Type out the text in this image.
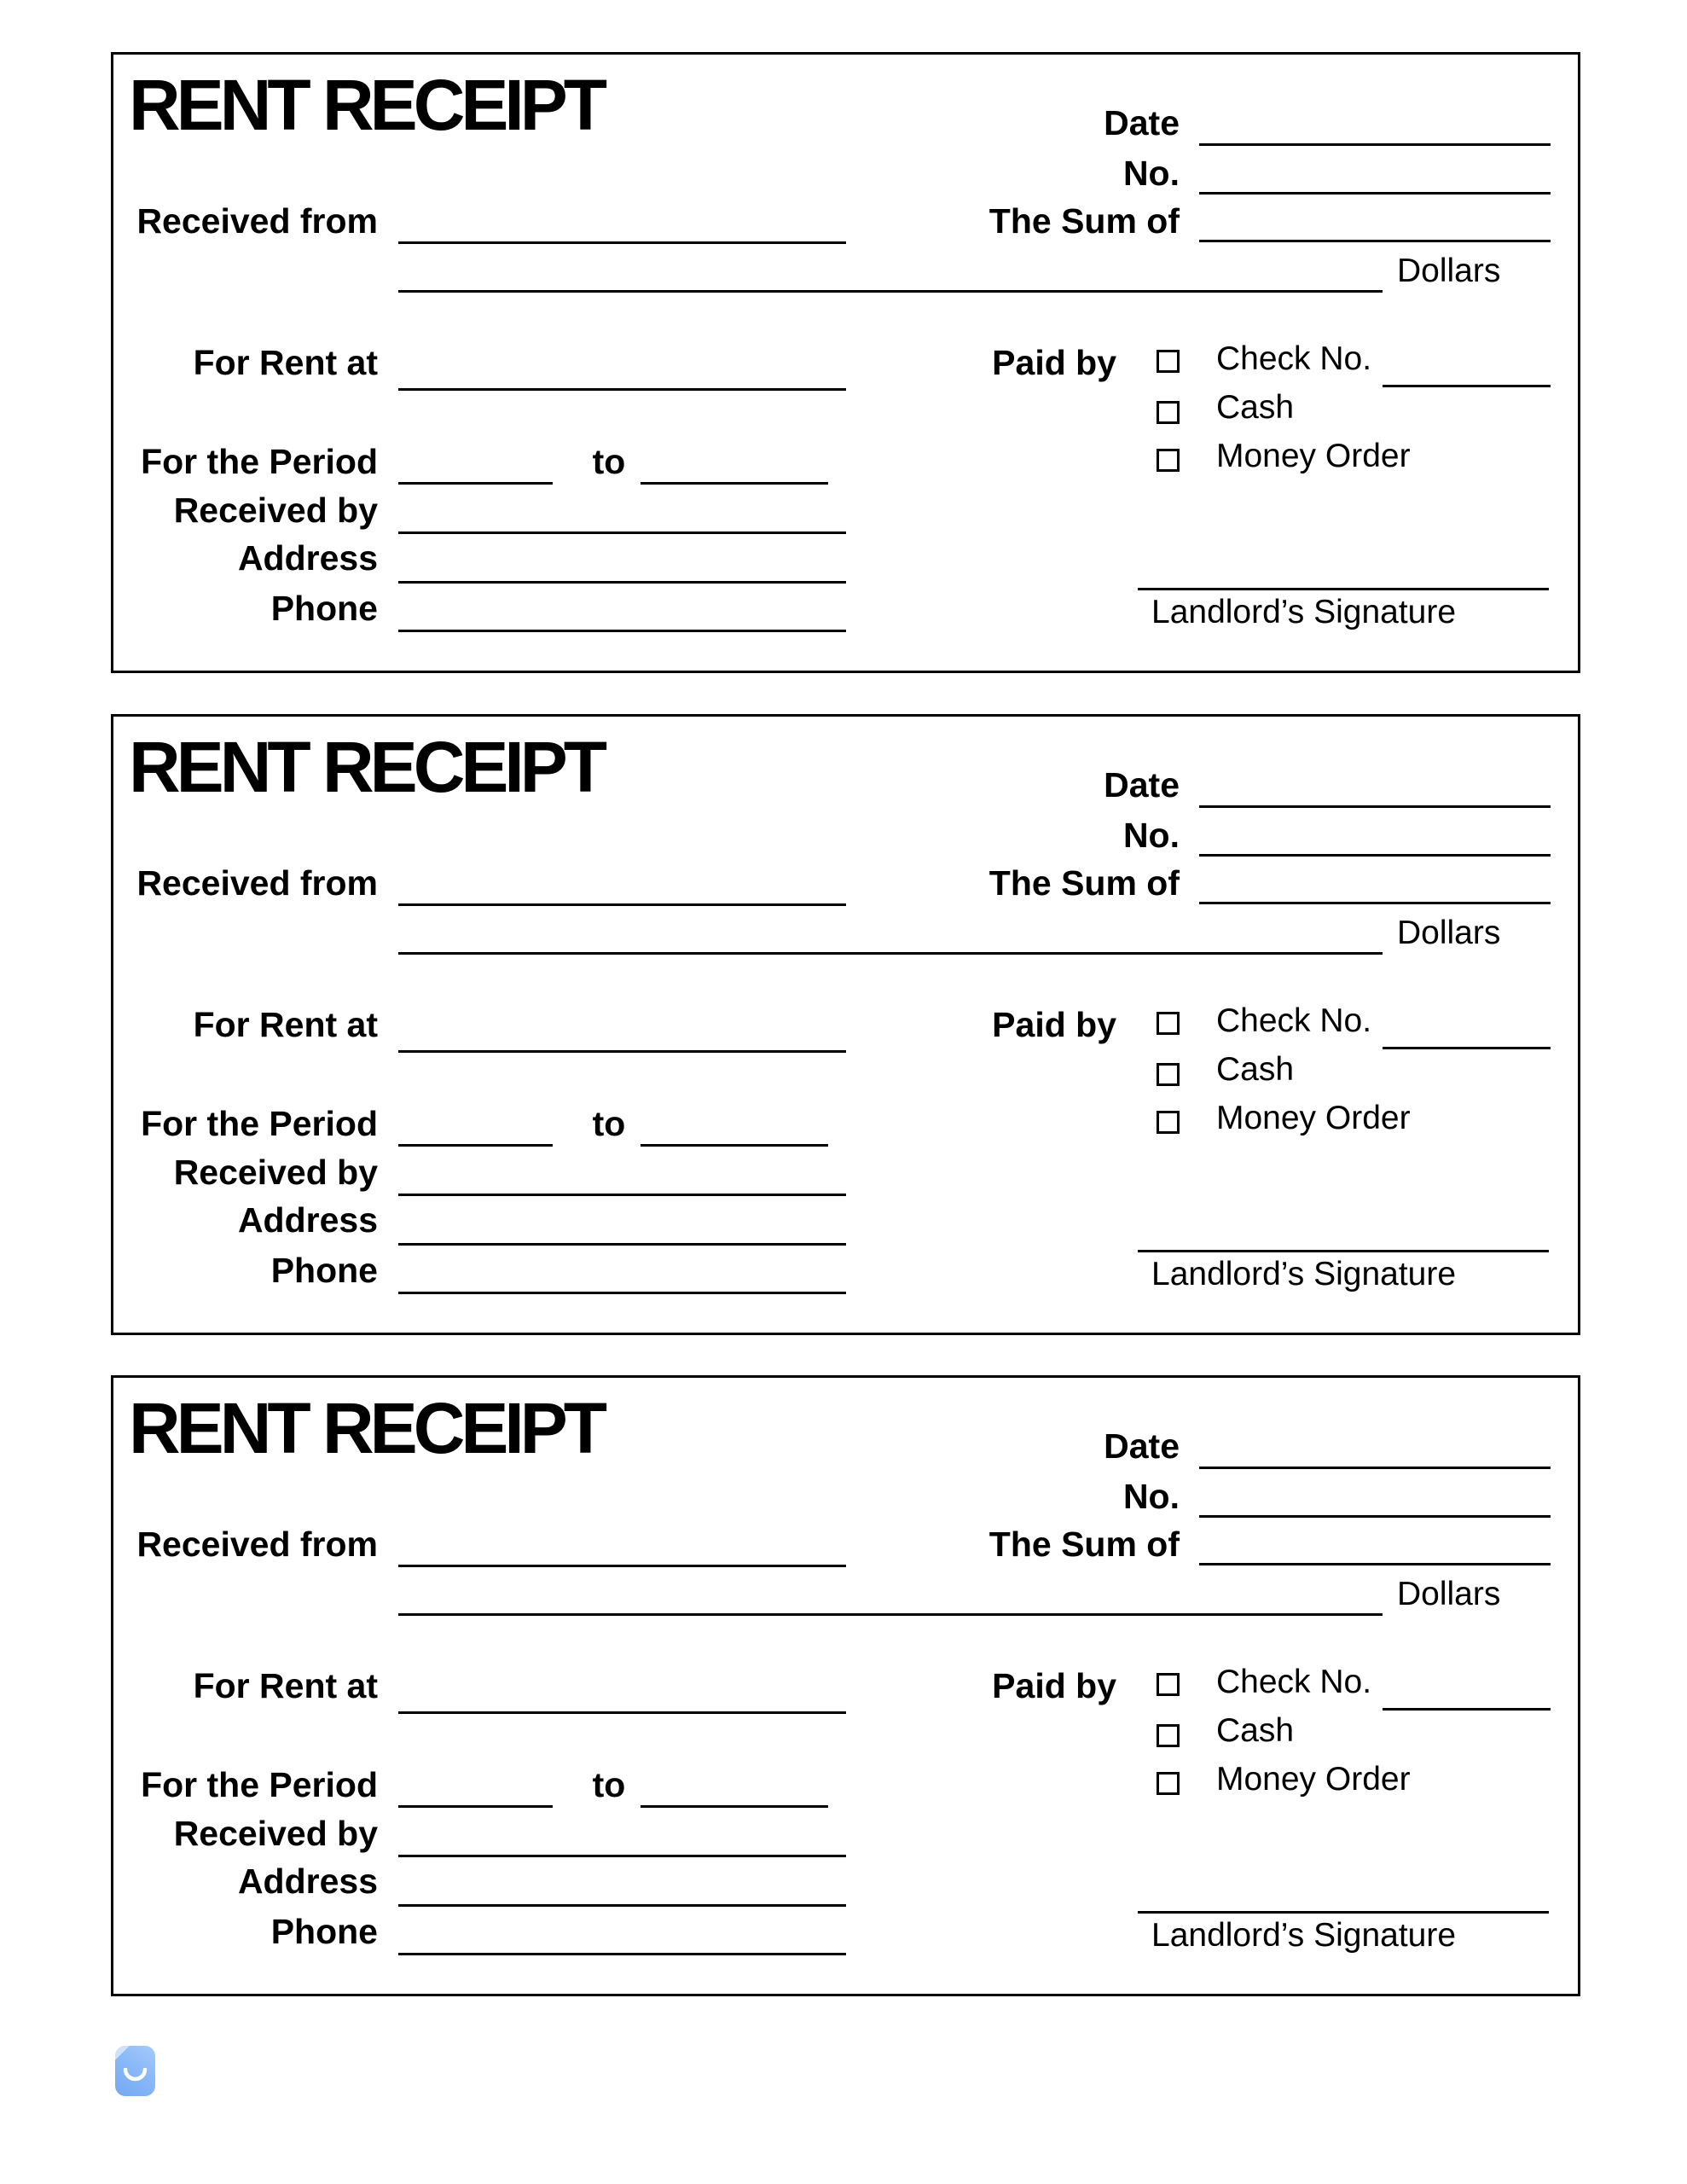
RENT RECEIPT	Date
No.
Received from	The Sum of
Dollars
For Rent at	Paid by	Check No.
Cash
Money Order
For the Period	to
Received by
Address
Phone	Landlord’s Signature
RENT RECEIPT	Date
No.
Received from	The Sum of
Dollars
For Rent at	Paid by	Check No.
Cash
Money Order
For the Period	to
Received by
Address
Phone	Landlord’s Signature
RENT RECEIPT	Date
No.
Received from	The Sum of
Dollars
For Rent at	Paid by	Check No.
Cash
Money Order
For the Period	to
Received by
Address
Phone	Landlord’s Signature
